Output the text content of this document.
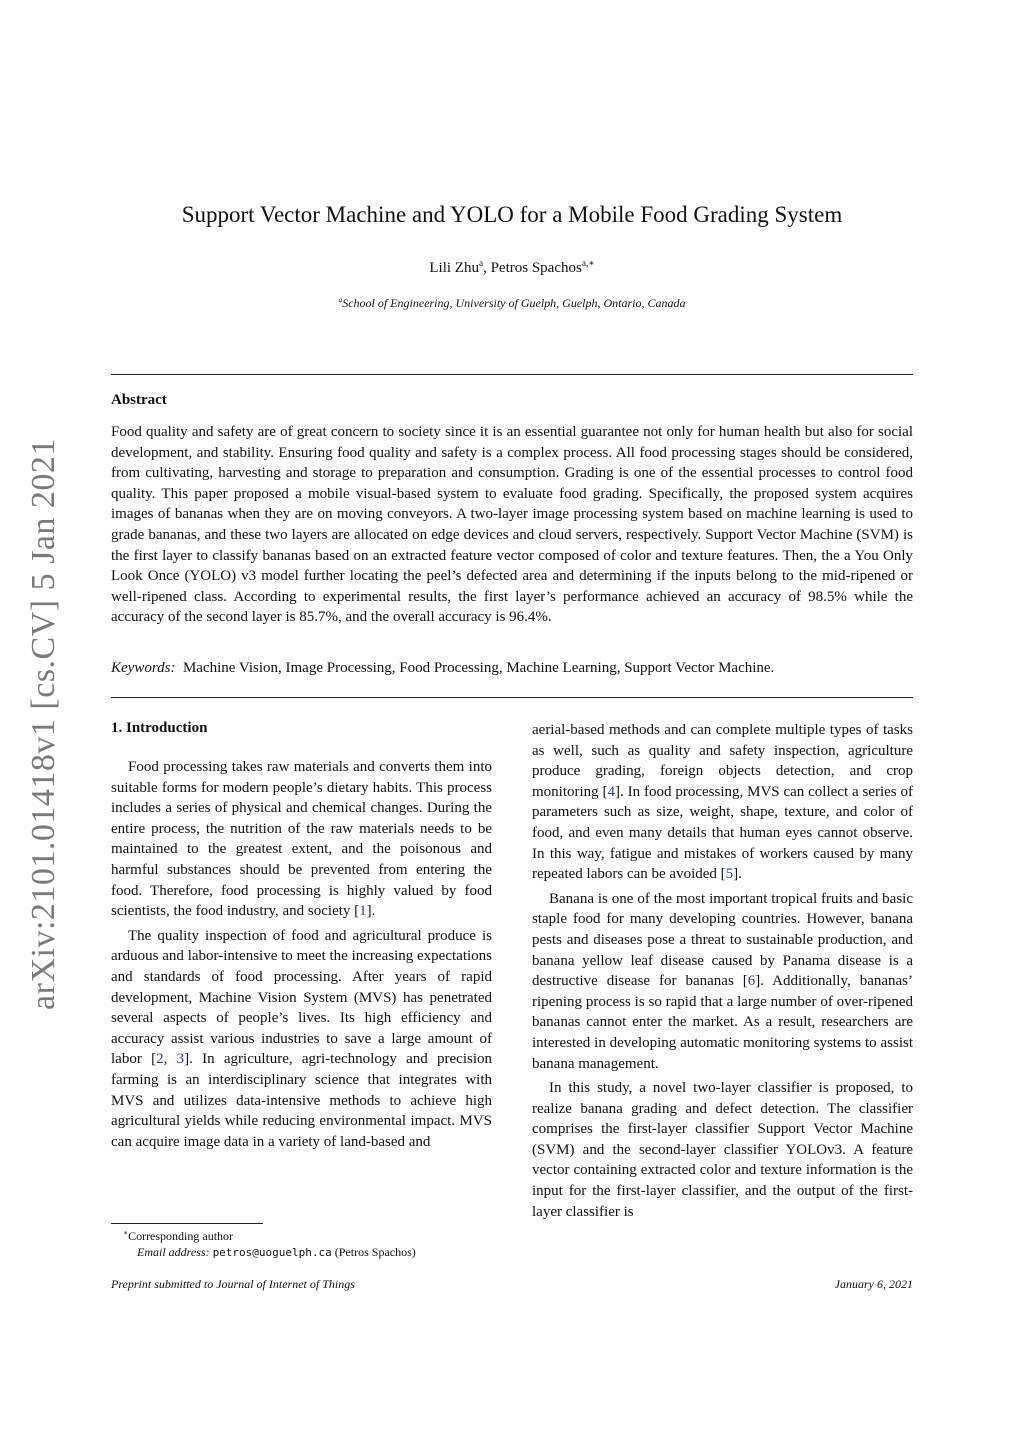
arXiv:2101.01418v1 [cs.CV] 5 Jan 2021
Support Vector Machine and YOLO for a Mobile Food Grading System
Lili Zhu$^a$, Petros Spachos$^{a,∗}$
$^a$School of Engineering, University of Guelph, Guelph, Ontario, Canada
Abstract

Food quality and safety are of great concern to society since it is an essential guarantee not only for human health but also for social development, and stability. Ensuring food quality and safety is a complex process. All food processing stages should be considered, from cultivating, harvesting and storage to preparation and consumption. Grading is one of the essential processes to control food quality. This paper proposed a mobile visual-based system to evaluate food grading. Specifically, the proposed system acquires images of bananas when they are on moving conveyors. A two-layer image processing system based on machine learning is used to grade bananas, and these two layers are allocated on edge devices and cloud servers, respectively. Support Vector Machine (SVM) is the first layer to classify bananas based on an extracted feature vector composed of color and texture features. Then, the a You Only Look Once (YOLO) v3 model further locating the peel’s defected area and determining if the inputs belong to the mid-ripened or well-ripened class. According to experimental results, the first layer’s performance achieved an accuracy of 98.5% while the accuracy of the second layer is 85.7%, and the overall accuracy is 96.4%.

Keywords: Machine Vision, Image Processing, Food Processing, Machine Learning, Support Vector Machine.
1. Introduction

Food processing takes raw materials and converts them into suitable forms for modern people’s dietary habits. This process includes a series of physical and chemical changes. During the entire process, the nutrition of the raw materials needs to be maintained to the greatest extent, and the poisonous and harmful substances should be prevented from entering the food. Therefore, food processing is highly valued by food scientists, the food industry, and society [1].

The quality inspection of food and agricultural produce is arduous and labor-intensive to meet the increasing expectations and standards of food processing. After years of rapid development, Machine Vision System (MVS) has penetrated several aspects of people’s lives. Its high efficiency and accuracy assist various industries to save a large amount of labor [2, 3]. In agriculture, agri-technology and precision farming is an interdisciplinary science that integrates with MVS and utilizes data-intensive methods to achieve high agricultural yields while reducing environmental impact. MVS can acquire image data in a variety of land-based and

aerial-based methods and can complete multiple types of tasks as well, such as quality and safety inspection, agriculture produce grading, foreign objects detection, and crop monitoring [4]. In food processing, MVS can collect a series of parameters such as size, weight, shape, texture, and color of food, and even many details that human eyes cannot observe. In this way, fatigue and mistakes of workers caused by many repeated labors can be avoided [5].

Banana is one of the most important tropical fruits and basic staple food for many developing countries. However, banana pests and diseases pose a threat to sustainable production, and banana yellow leaf disease caused by Panama disease is a destructive disease for bananas [6]. Additionally, bananas’ ripening process is so rapid that a large number of over-ripened bananas cannot enter the market. As a result, researchers are interested in developing automatic monitoring systems to assist banana management.

In this study, a novel two-layer classifier is proposed, to realize banana grading and defect detection. The classifier comprises the first-layer classifier Support Vector Machine (SVM) and the second-layer classifier YOLOv3. A feature vector containing extracted color and texture information is the input for the first-layer classifier, and the output of the first-layer classifier is

∗Corresponding author
Email address: petros@uoguelph.ca (Petros Spachos)
Preprint submitted to Journal of Internet of Things	January 6, 2021
